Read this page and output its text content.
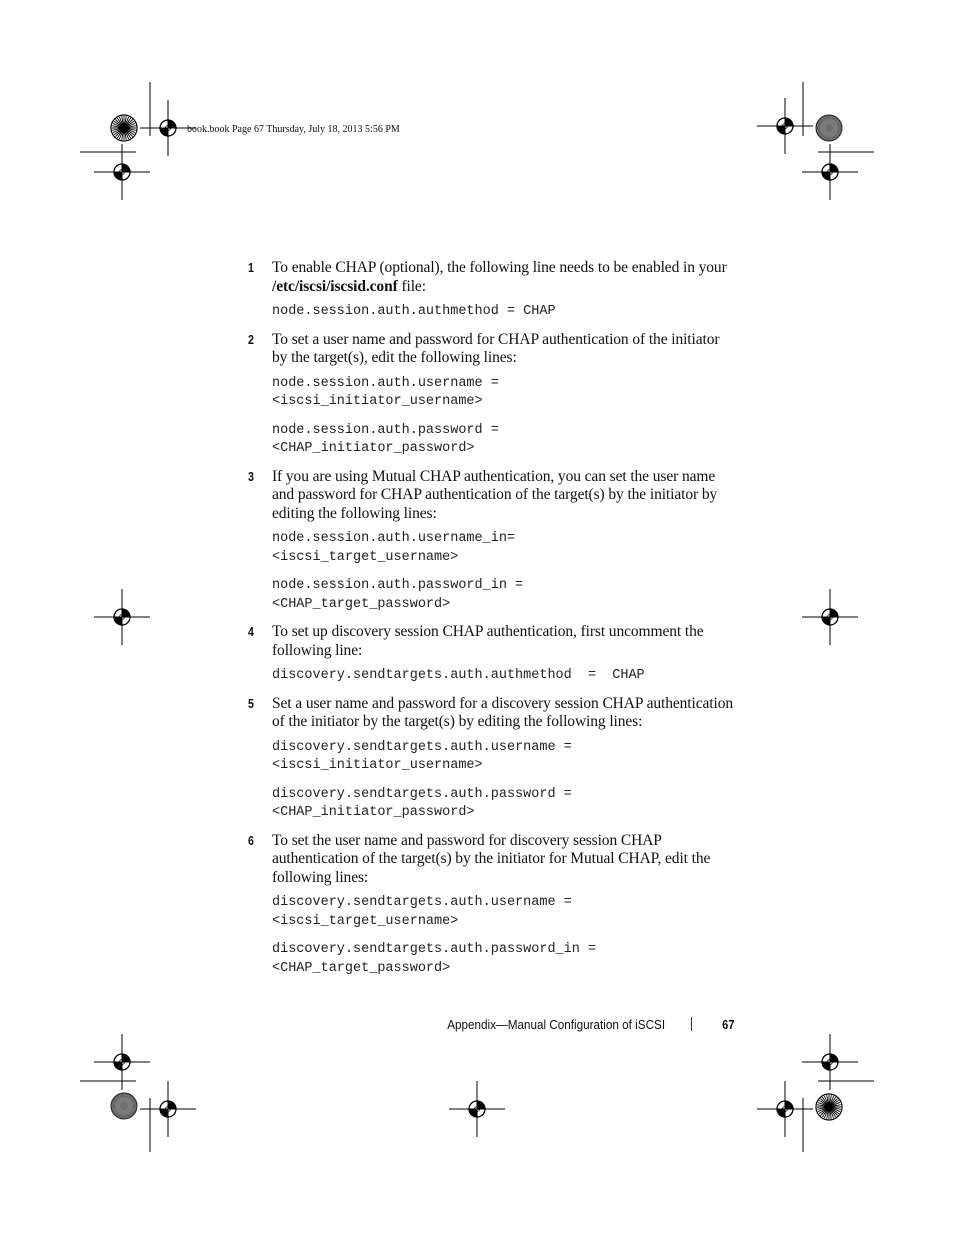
book.book Page 67 Thursday, July 18, 2013 5:56 PM
1 To enable CHAP (optional), the following line needs to be enabled in your /etc/iscsi/iscsid.conf file:
node.session.auth.authmethod = CHAP
2 To set a user name and password for CHAP authentication of the initiator by the target(s), edit the following lines:
node.session.auth.username =
<iscsi_initiator_username>
node.session.auth.password =
<CHAP_initiator_password>
3 If you are using Mutual CHAP authentication, you can set the user name and password for CHAP authentication of the target(s) by the initiator by editing the following lines:
node.session.auth.username_in=
<iscsi_target_username>
node.session.auth.password_in =
<CHAP_target_password>
4 To set up discovery session CHAP authentication, first uncomment the following line:
discovery.sendtargets.auth.authmethod  =  CHAP
5 Set a user name and password for a discovery session CHAP authentication of the initiator by the target(s) by editing the following lines:
discovery.sendtargets.auth.username =
<iscsi_initiator_username>
discovery.sendtargets.auth.password =
<CHAP_initiator_password>
6 To set the user name and password for discovery session CHAP authentication of the target(s) by the initiator for Mutual CHAP, edit the following lines:
discovery.sendtargets.auth.username =
<iscsi_target_username>
discovery.sendtargets.auth.password_in =
<CHAP_target_password>
Appendix—Manual Configuration of iSCSI	67
